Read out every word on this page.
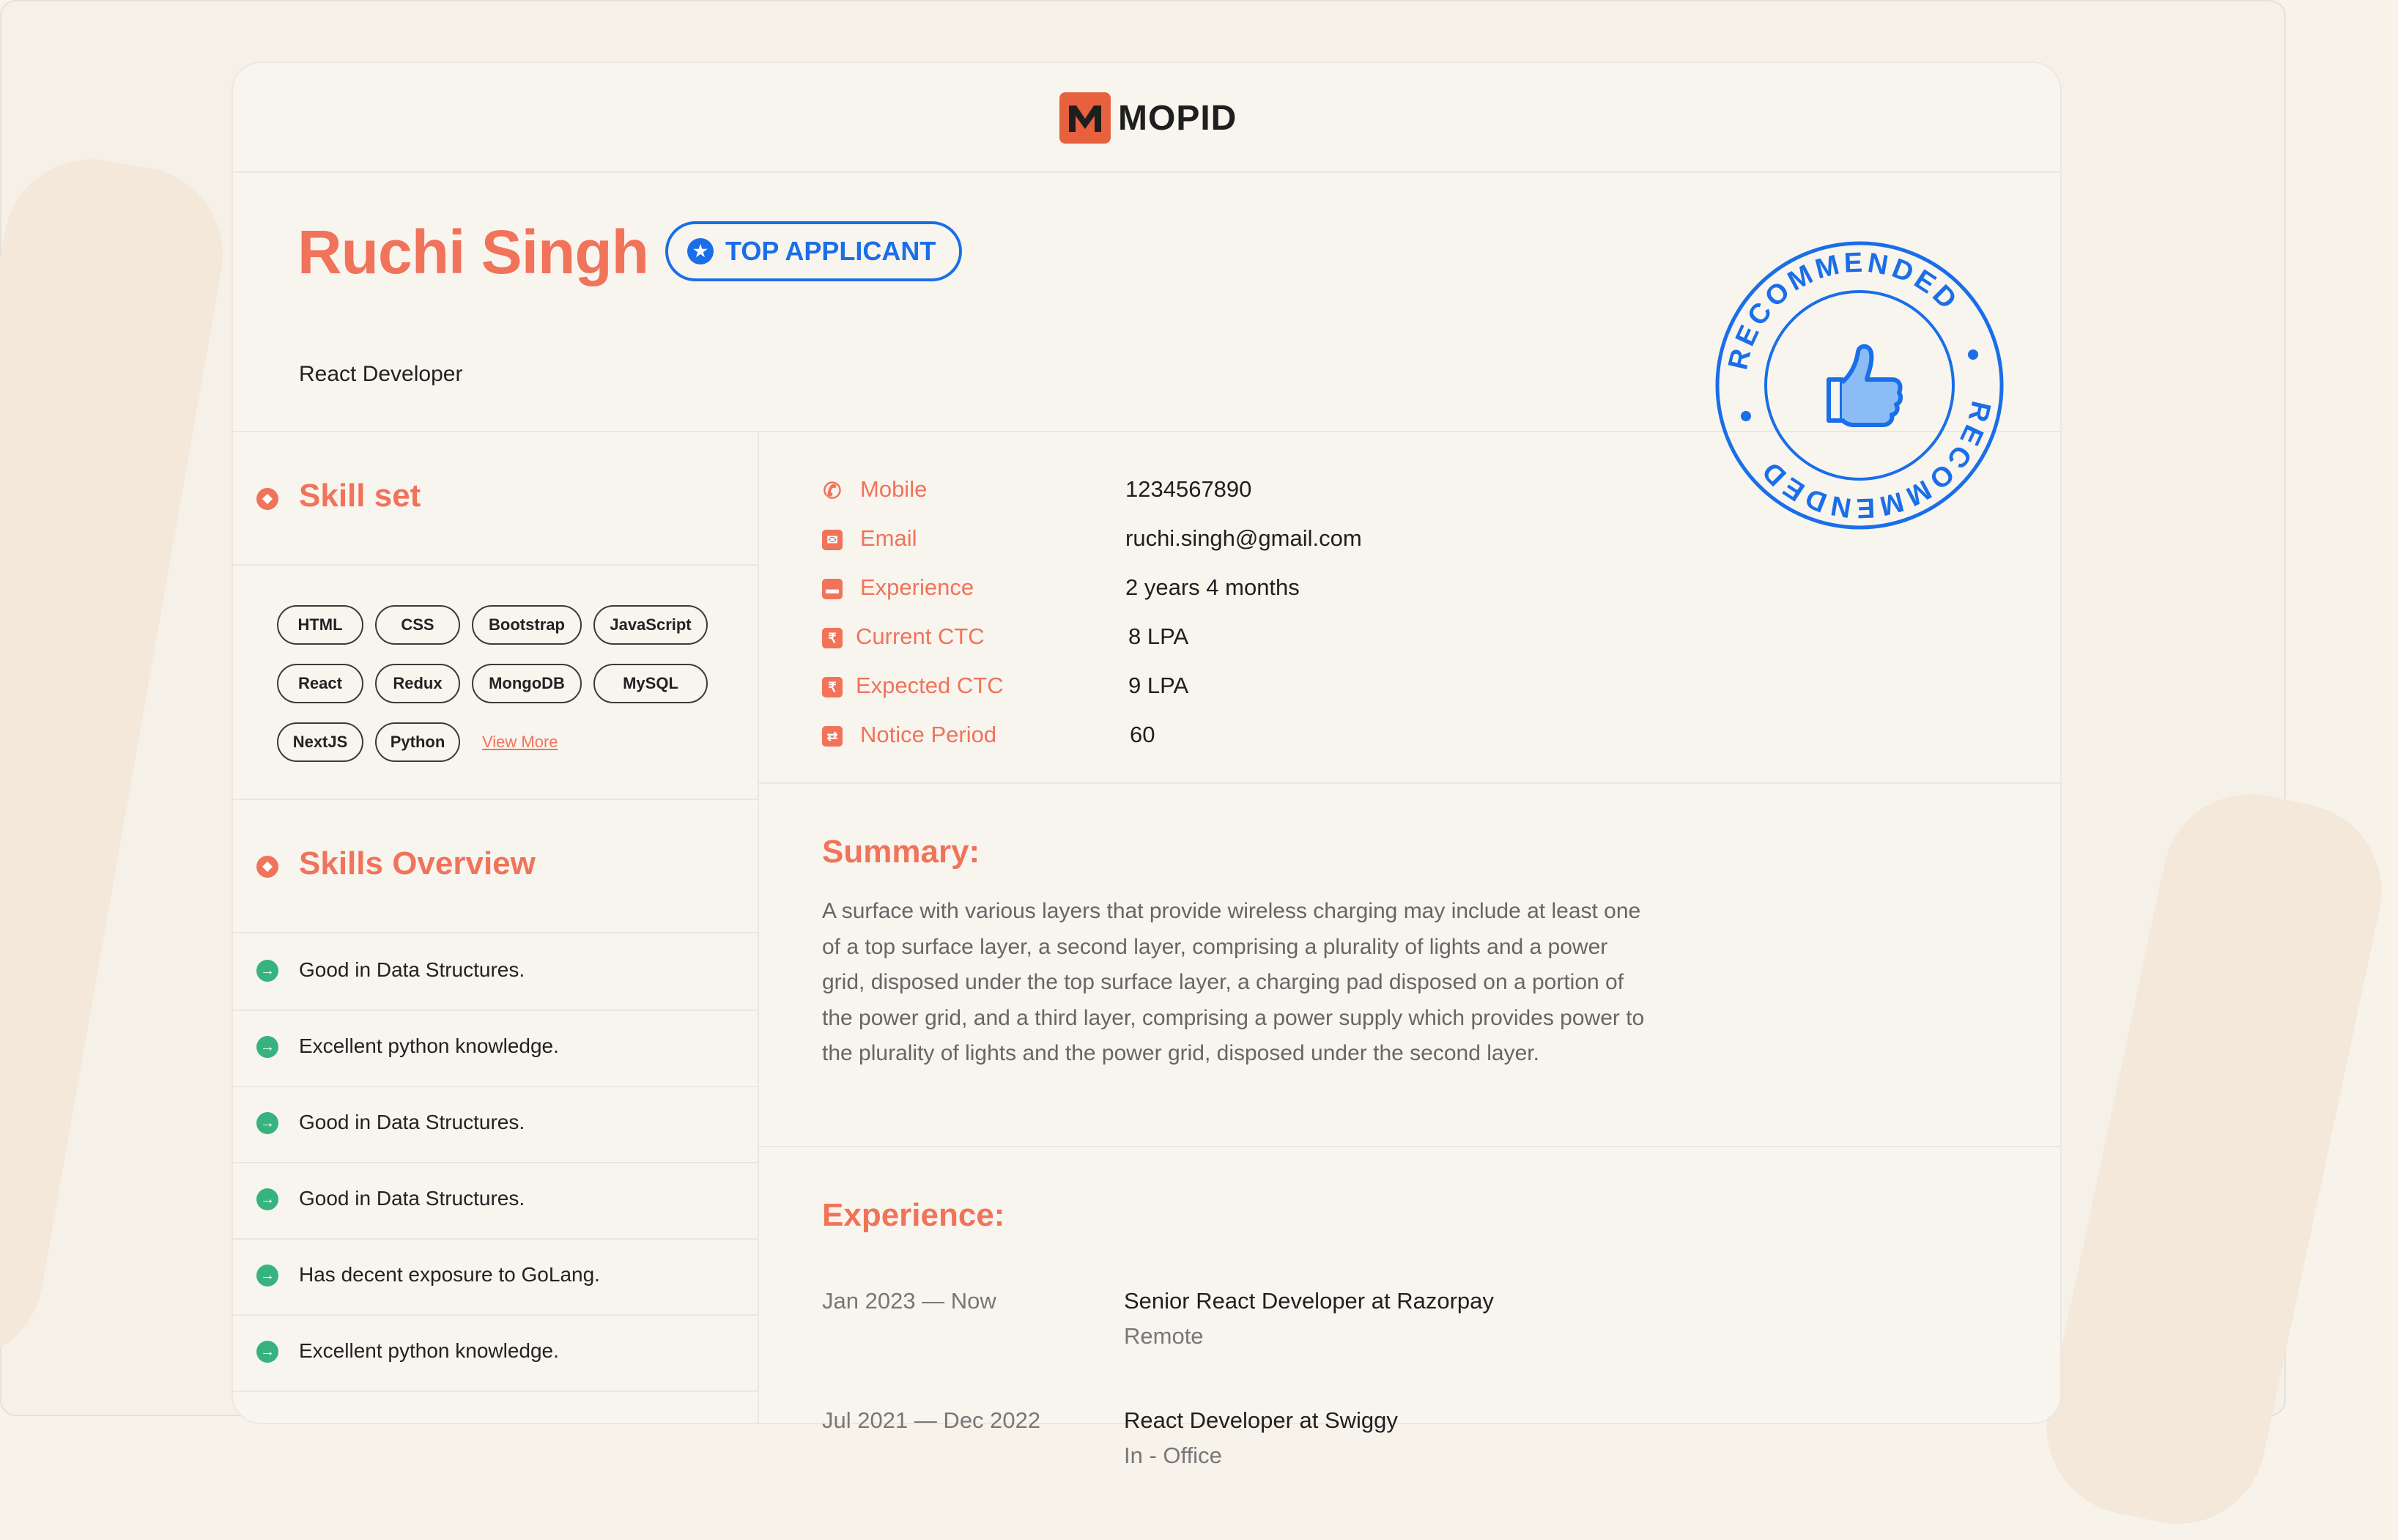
MOPID
Ruchi Singh	★ TOP APPLICANT
React Developer
RECOMMENDED
RECOMMENDED
Skill set
HTML	CSS	Bootstrap	JavaScript
React	Redux	MongoDB	MySQL
NextJS	Python	View More
Skills Overview
→ Good in Data Structures.
→ Excellent python knowledge.
→ Good in Data Structures.
→ Good in Data Structures.
→ Has decent exposure to GoLang.
→ Excellent python knowledge.
✆ Mobile	1234567890
✉ Email	ruchi.singh@gmail.com
▬ Experience	2 years 4 months
₹ Current CTC	8 LPA
₹ Expected CTC	9 LPA
⇄ Notice Period	60
Summary:
A surface with various layers that provide wireless charging may include at least one of a top surface layer, a second layer, comprising a plurality of lights and a power grid, disposed under the top surface layer, a charging pad disposed on a portion of the power grid, and a third layer, comprising a power supply which provides power to the plurality of lights and the power grid, disposed under the second layer.
Experience:
Jan 2023 — Now	Senior React Developer at Razorpay
Remote
Jul 2021 — Dec 2022	React Developer at Swiggy
In - Office
